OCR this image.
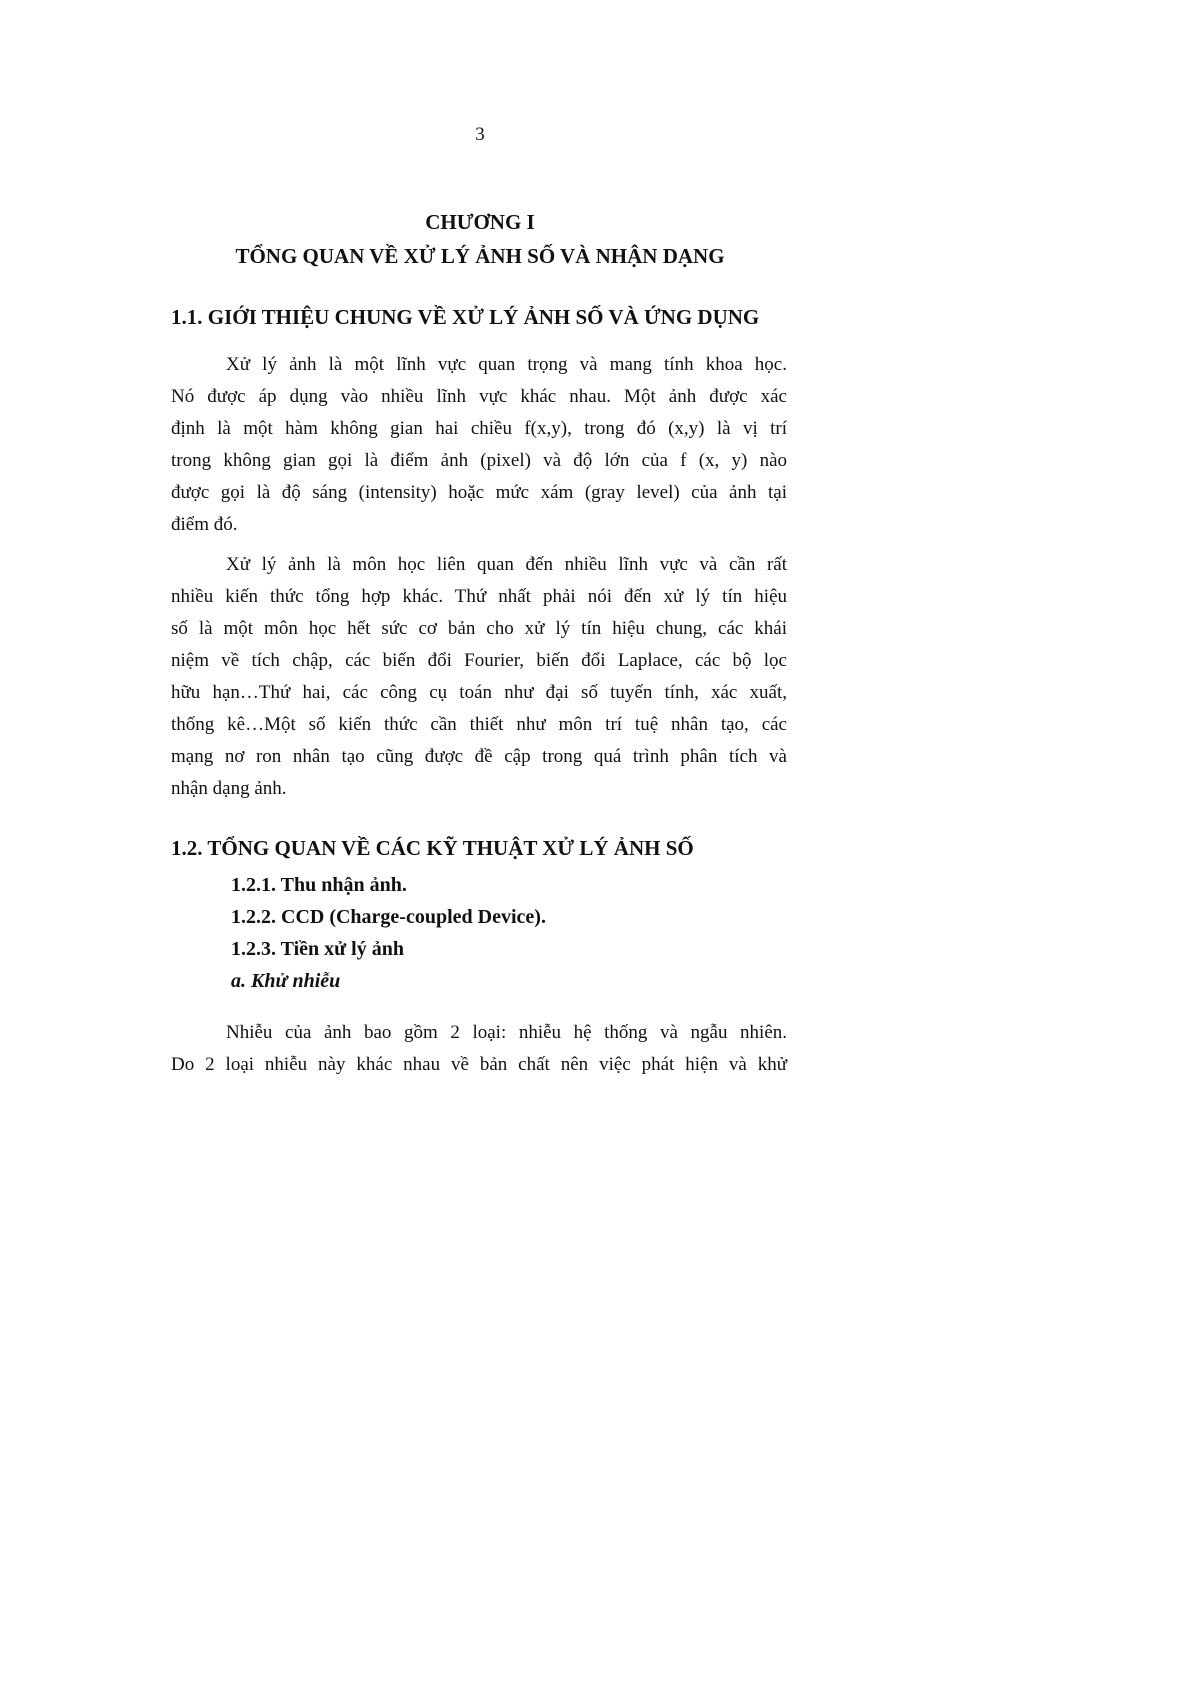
3
CHƯƠNG I
TỔNG QUAN VỀ XỬ LÝ ẢNH SỐ VÀ NHẬN DẠNG
1.1. GIỚI THIỆU CHUNG VỀ XỬ LÝ ẢNH SỐ VÀ ỨNG DỤNG
Xử lý ảnh là một lĩnh vực quan trọng và mang tính khoa học.
Nó được áp dụng vào nhiều lĩnh vực khác nhau. Một ảnh được xác
định là một hàm không gian hai chiều f(x,y), trong đó (x,y) là vị trí
trong không gian gọi là điểm ảnh (pixel) và độ lớn của f (x, y) nào
được gọi là độ sáng (intensity) hoặc mức xám (gray level) của ảnh tại
điểm đó.
Xử lý ảnh là môn học liên quan đến nhiều lĩnh vực và cần rất
nhiều kiến thức tổng hợp khác. Thứ nhất phải nói đến xử lý tín hiệu
số là một môn học hết sức cơ bản cho xử lý tín hiệu chung, các khái
niệm về tích chập, các biến đổi Fourier, biến đổi Laplace, các bộ lọc
hữu hạn…Thứ hai, các công cụ toán như đại số tuyến tính, xác xuất,
thống kê…Một số kiến thức cần thiết như môn trí tuệ nhân tạo, các
mạng nơ ron nhân tạo cũng được đề cập trong quá trình phân tích và
nhận dạng ảnh.
1.2. TỔNG QUAN VỀ CÁC KỸ THUẬT XỬ LÝ ẢNH SỐ
1.2.1. Thu nhận ảnh.
1.2.2. CCD (Charge-coupled Device).
1.2.3. Tiền xử lý ảnh
a. Khử nhiễu
Nhiễu của ảnh bao gồm 2 loại: nhiễu hệ thống và ngẫu nhiên.
Do 2 loại nhiễu này khác nhau về bản chất nên việc phát hiện và khử
